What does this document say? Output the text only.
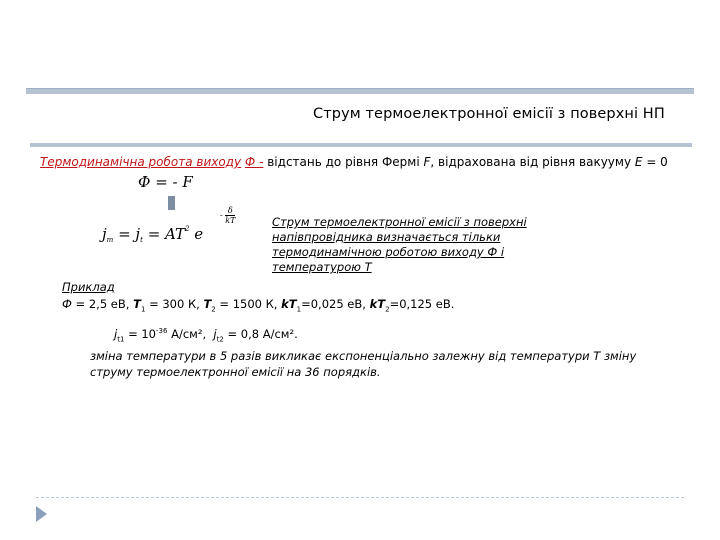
Струм термоелектронної емісії з поверхні НП
Термодинамічна робота виходу Ф - відстань до рівня Фермі F, відрахована від рівня вакууму E = 0
Ф = - F
$j_т = j_t = AT^2$ e
- $\frac{\delta}{kT}$	Струм термоелектронної емісії з поверхні напівпровідника визначається тільки термодинамічною роботою виходу Ф і температурою T
Приклад
Ф = 2,5 еВ, $T_1 = 300$ К, $T_2 = 1500$ К, $kT_1=0,025$ еВ, $kT_2=0,125$ еВ.
$j_{t1} = 10^{-36}$ А/см², $j_{t2} = 0,8$ А/см².
зміна температури в 5 разів викликає експоненціально залежну від температури T зміну струму термоелектронної емісії на 36 порядків.
